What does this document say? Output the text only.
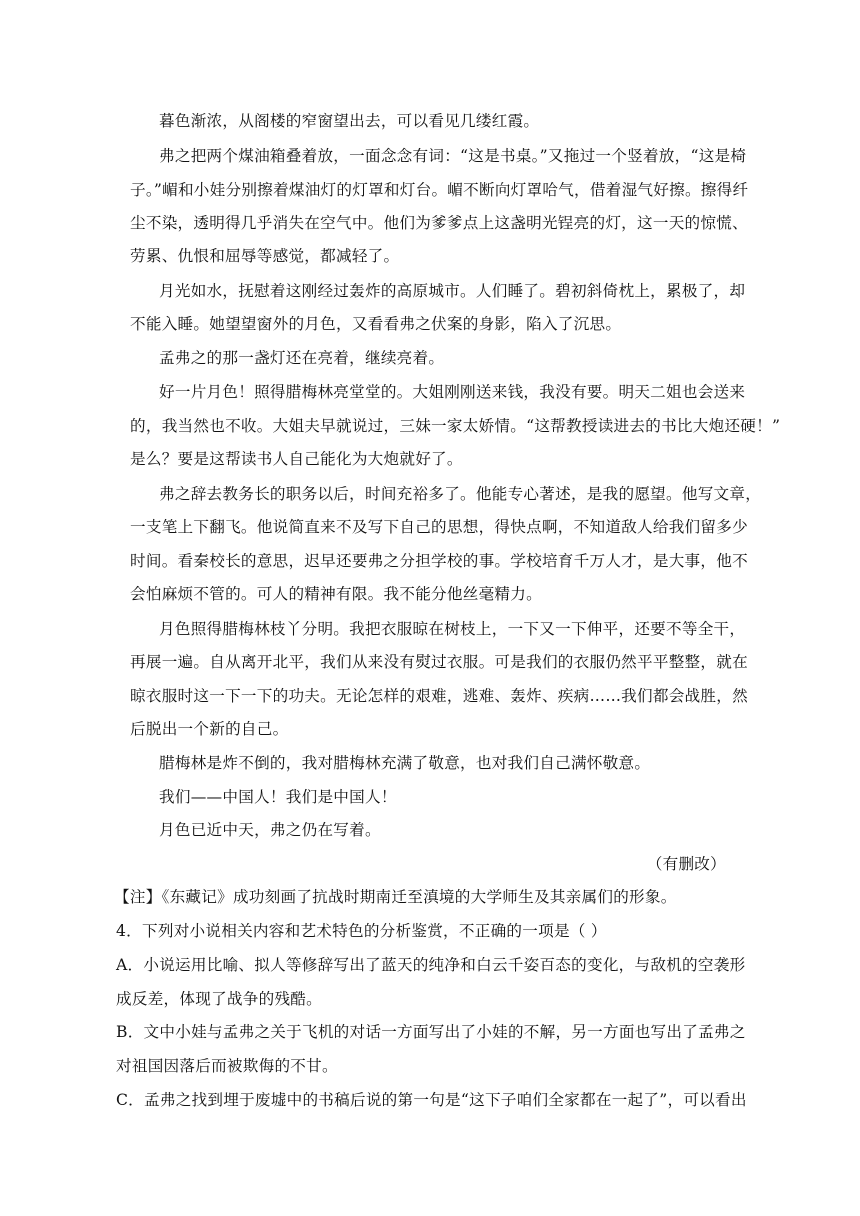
暮色渐浓，从阁楼的窄窗望出去，可以看见几缕红霞。
弗之把两个煤油箱叠着放，一面念念有词：“这是书桌。”又拖过一个竖着放，“这是椅
子。”嵋和小娃分别擦着煤油灯的灯罩和灯台。嵋不断向灯罩哈气，借着湿气好擦。擦得纤
尘不染，透明得几乎消失在空气中。他们为爹爹点上这盏明光锃亮的灯，这一天的惊慌、
劳累、仇恨和屈辱等感觉，都减轻了。
月光如水，抚慰着这刚经过轰炸的高原城市。人们睡了。碧初斜倚枕上，累极了，却
不能入睡。她望望窗外的月色，又看看弗之伏案的身影，陷入了沉思。
孟弗之的那一盏灯还在亮着，继续亮着。
好一片月色！照得腊梅林亮堂堂的。大姐刚刚送来钱，我没有要。明天二姐也会送来
的，我当然也不收。大姐夫早就说过，三妹一家太娇情。“这帮教授读进去的书比大炮还硬！”
是么？要是这帮读书人自己能化为大炮就好了。
弗之辞去教务长的职务以后，时间充裕多了。他能专心著述，是我的愿望。他写文章，
一支笔上下翻飞。他说简直来不及写下自己的思想，得快点啊，不知道敌人给我们留多少
时间。看秦校长的意思，迟早还要弗之分担学校的事。学校培育千万人才，是大事，他不
会怕麻烦不管的。可人的精神有限。我不能分他丝毫精力。
月色照得腊梅林枝丫分明。我把衣服晾在树枝上，一下又一下伸平，还要不等全干，
再展一遍。自从离开北平，我们从来没有熨过衣服。可是我们的衣服仍然平平整整，就在
晾衣服时这一下一下的功夫。无论怎样的艰难，逃难、轰炸、疾病……我们都会战胜，然
后脱出一个新的自己。
腊梅林是炸不倒的，我对腊梅林充满了敬意，也对我们自己满怀敬意。
我们——中国人！我们是中国人！
月色已近中天，弗之仍在写着。
（有删改）
【注】《东藏记》成功刻画了抗战时期南迁至滇境的大学师生及其亲属们的形象。
4．下列对小说相关内容和艺术特色的分析鉴赏，不正确的一项是（ ）
A．小说运用比喻、拟人等修辞写出了蓝天的纯净和白云千姿百态的变化，与敌机的空袭形
成反差，体现了战争的残酷。
B．文中小娃与孟弗之关于飞机的对话一方面写出了小娃的不解，另一方面也写出了孟弗之
对祖国因落后而被欺侮的不甘。
C．孟弗之找到埋于废墟中的书稿后说的第一句是“这下子咱们全家都在一起了”，可以看出
